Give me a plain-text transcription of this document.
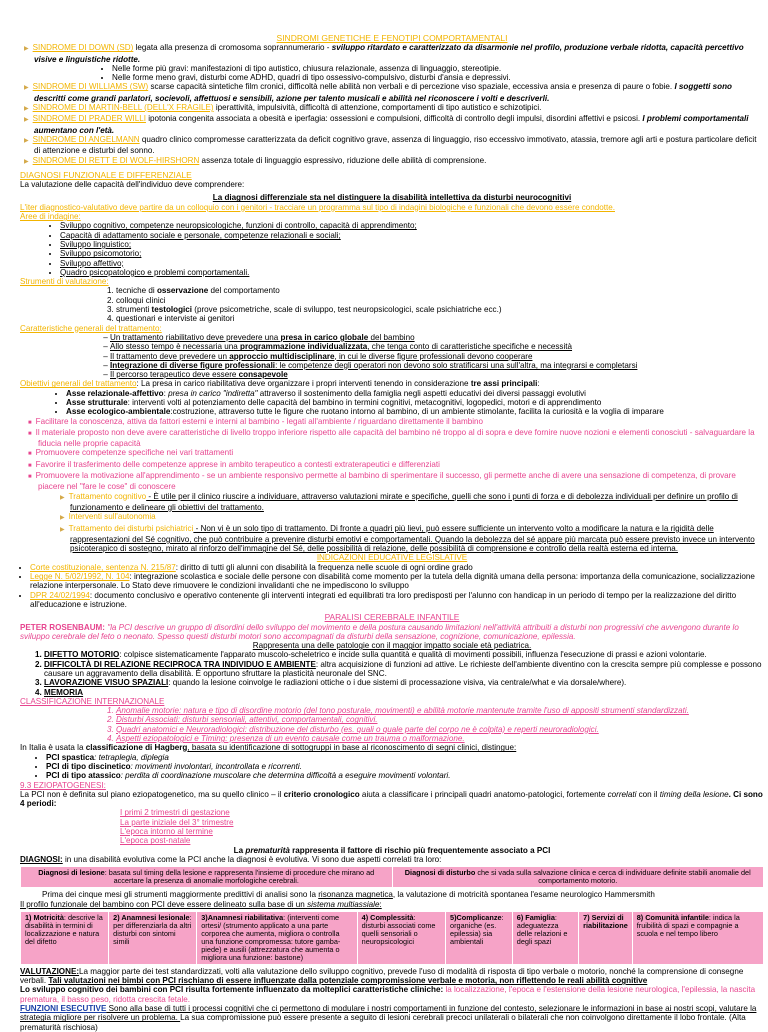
SINDROMI GENETICHE E FENOTIPI COMPORTAMENTALI
▶ SINDROME DI DOWN (SD) legata alla presenza di cromosoma soprannumerario - sviluppo ritardato e caratterizzato da disarmonie nel profilo, produzione verbale ridotta, capacità percettivo visive e linguistiche ridotte.
• Nelle forme più gravi: manifestazioni di tipo autistico, chiusura relazionale, assenza di linguaggio, stereotipie.
• Nelle forme meno gravi, disturbi come ADHD, quadri di tipo ossessivo-compulsivo, disturbi d'ansia e depressivi.
▶ SINDROME DI WILLIAMS (SW) scarse capacità sintetiche film cronici, difficoltà nelle abilità non verbali e di percezione viso spaziale, eccessiva ansia e presenza di paure o fobie. I soggetti sono descritti come grandi parlatori, socievoli, affettuosi e sensibili, azione per talento musicali e abilità nel riconoscere i volti e descriverli.
▶ SINDROME DI MARTIN-BELL (DELL'X FRAGILE) iperattività, impulsività, difficoltà di attenzione, comportamenti di tipo autistico e schizotipici.
▶ SINDROME DI PRADER WILLI ipotonia congenita associata a obesità e iperfagia: ossessioni e compulsioni, difficoltà di controllo degli impulsi, disordini affettivi e psicosi. I problemi comportamentali aumentano con l'età.
▶ SINDROME DI ANGELMANN quadro clinico compromesse caratterizzata da deficit cognitivo grave, assenza di linguaggio, riso eccessivo immotivato, atassia, tremore agli arti e postura particolare deficit di attenzione e disturbi del sonno.
▶ SINDROME DI RETT E DI WOLF-HIRSHORN assenza totale di linguaggio espressivo, riduzione delle abilità di comprensione.
DIAGNOSI FUNZIONALE E DIFFERENZIALE
La valutazione delle capacità dell'individuo deve comprendere:
La diagnosi differenziale sta nel distinguere la disabilità intellettiva da disturbi neurocognitivi
L'iter diagnostico-valutativo deve partire da un colloquio con i genitori - tracciare un programma sul tipo di indagini biologiche e funzionali che devono essere condotte.
Aree di indagine:
• Sviluppo cognitivo, competenze neuropsicologiche, funzioni di controllo, capacità di apprendimento;
• Capacità di adattamento sociale e personale, competenze relazionali e sociali;
• Sviluppo linguistico;
• Sviluppo psicomotorio;
• Sviluppo affettivo;
• Quadro psicopatologico e problemi comportamentali.
Strumenti di valutazione:
1. tecniche di osservazione del comportamento
2. colloqui clinici
3. strumenti testologici (prove psicometriche, scale di sviluppo, test neuropsicologici, scale psichiatriche ecc.)
4. questionari e interviste ai genitori
Caratteristiche generali del trattamento:
– Un trattamento riabilitativo deve prevedere una presa in carico globale del bambino
– Allo stesso tempo è necessaria una programmazione individualizzata, che tenga conto di caratteristiche specifiche e necessità
– Il trattamento deve prevedere un approccio multidisciplinare, in cui le diverse figure professionali devono cooperare
– Integrazione di diverse figure professionali: le competenze degli operatori non devono solo stratificarsi una sull'altra, ma integrarsi e completarsi
– Il percorso terapeutico deve essere consapevole
Obiettivi generali del trattamento: La presa in carico riabilitativa deve organizzare i propri interventi tenendo in considerazione tre assi principali:
• Asse relazionale-affettivo: presa in carico "indiretta" attraverso il sostenimento della famiglia negli aspetti educativi dei diversi passaggi evolutivi
• Asse strutturale: interventi volti al potenziamento delle capacità del bambino in termini cognitivi, metacognitivi, logopedici, motori e di apprendimento
• Asse ecologico-ambientale:costruzione, attraverso tutte le figure che ruotano intorno al bambino, di un ambiente stimolante, facilita la curiosità e la voglia di imparare
■ Facilitare la conoscenza, attiva da fattori esterni e interni al bambino - legati all'ambiente / riguardano direttamente il bambino
■ Il materiale proposto non deve avere caratteristiche di livello troppo inferiore rispetto alle capacità del bambino né troppo al di sopra e deve fornire nuove nozioni e elementi conosciuti - salvaguardare la fiducia nelle proprie capacità
■ Promuovere competenze specifiche nei vari trattamenti
■ Favorire il trasferimento delle competenze apprese in ambito terapeutico a contesti extraterapeutici e differenziati
■ Promuovere la motivazione all'apprendimento - se un ambiente responsivo permette al bambino di sperimentare il successo, gli permette anche di avere una sensazione di competenza, di provare piacere nel "fare le cose" di conoscere
▶ Trattamento cognitivo - È utile per il clinico riuscire a individuare, attraverso valutazioni mirate e specifiche, quelli che sono i punti di forza e di debolezza individuali per definire un profilo di funzionamento e delineare gli obiettivi del trattamento.
▶ Interventi sull'autonomia
▶ Trattamento dei disturbi psichiatrici - Non vi è un solo tipo di trattamento. Di fronte a quadri più lievi, può essere sufficiente un intervento volto a modificare la natura e la rigidità delle rappresentazioni del Sé cognitivo, che può contribuire a prevenire disturbi emotivi e comportamentali. Quando la debolezza del sé appare più marcata può essere previsto invece un intervento psicoterapico di sostegno, mirato al rinforzo dell'immagine del Sé, delle possibilità di relazione, delle possibilità di comprensione e controllo della realtà esterna ed interna.
INDICAZIONI EDUCATIVE LEGISLATIVE
• Corte costituzionale, sentenza N. 215/87: diritto di tutti gli alunni con disabilità la frequenza nelle scuole di ogni ordine grado
• Legge N. 5/02/1992, N. 104: integrazione scolastica e sociale delle persone con disabilità come momento per la tutela della dignità umana della persona: importanza della comunicazione, socializzazione relazione interpersonale. Lo Stato deve rimuovere le condizioni invalidanti che ne impediscono lo sviluppo
• DPR 24/02/1994: documento conclusivo e operativo contenente gli interventi integrati ed equilibrati tra loro predisposti per l'alunno con handicap in un periodo di tempo per la realizzazione del diritto all'educazione e istruzione.
PARALISI CEREBRALE INFANTILE
PETER ROSENBAUM: "la PCI descrive un gruppo di disordini dello sviluppo del movimento e della postura causando limitazioni nell'attività attribuiti a disturbi non progressivi che avvengono durante lo sviluppo cerebrale del feto o neonato. Spesso questi disturbi motori sono accompagnati da disturbi della sensazione, cognizione, comunicazione, epilessia.
Rappresenta una delle patologie con il maggior impatto sociale età pediatrica.
1. DIFETTO MOTORIO: colpisce sistematicamente l'apparato muscolo-scheletrico e incide sulla quantità e qualità di movimenti possibili, influenza l'esecuzione di prassi e azioni volontarie.
2. DIFFICOLTÀ DI RELAZIONE RECIPROCA TRA INDIVIDUO E AMBIENTE: altra acquisizione di funzioni ad attive. Le richieste dell'ambiente diventino con la crescita sempre più complesse e possono causare un aggravamento della disabilità. È opportuno sfruttare la plasticità neuronale del SNC.
3. LAVORAZIONE VISUO SPAZIALI: quando la lesione coinvolge le radiazioni ottiche o i due sistemi di processazione visiva, via centrale/what e via dorsale/where).
4. MEMORIA
CLASSIFICAZIONE INTERNAZIONALE
1. Anomalie motorie: natura e tipo di disordine motorio (del tono posturale, movimenti) e abilità motorie mantenute tramite l'uso di appositi strumenti standardizzati.
2. Disturbi Associati: disturbi sensoriali, attentivi, comportamentali, cognitivi.
3. Quadri anatomici e Neuroradiologici: distribuzione del disturbo (es. quali o quale parte del corpo ne è colpita) e reperti neuroradiologici.
4. Aspetti eziopatologici e Timing: presenza di un evento causale come un trauma o malformazione.
In Italia è usata la classificazione di Hagberg, basata su identificazione di sottogruppi in base al riconoscimento di segni clinici, distingue:
• PCI spastica: tetraplegia, diplegia
• PCI di tipo discinetico: movimenti involontari, incontrollata e ricorrenti.
• PCI di tipo atassico: perdita di coordinazione muscolare che determina difficoltà a eseguire movimenti volontari.
9.3 EZIOPATOGENESI:
La PCI non è definita sul piano eziopatogenetico, ma su quello clinico – il criterio cronologico aiuta a classificare i principali quadri anatomo-patologici, fortemente correlati con il timing della lesione. Ci sono 4 periodi:
I primi 2 trimestri di gestazione
La parte iniziale del 3° trimestre
L'epoca intorno al termine
L'epoca post-natale
La prematurità rappresenta il fattore di rischio più frequentemente associato a PCI
DIAGNOSI: in una disabilità evolutiva come la PCI anche la diagnosi è evolutiva. Vi sono due aspetti correlati tra loro:
Diagnosi di lesione: basata sul timing della lesione e rappresenta l'insieme di procedure che mirano ad accertare la presenza di anomalie morfologiche cerebrali.	Diagnosi di disturbo che si vada sulla salvazione clinica e cerca di individuare definite stabili anomalie del comportamento motorio.
Prima dei cinque mesi gli strumenti maggiormente predittivi di analisi sono la risonanza magnetica, la valutazione di motricità spontanea l'esame neurologico Hammersmith
Il profilo funzionale del bambino con PCI deve essere delineato sulla base di un sistema multiassiale:
1) Motricità: descrive la disabilità in termini di localizzazione e natura del difetto	2) Anamnesi lesionale: per differenziarla da altri disturbi con sintomi simili	3)Anamnesi riabilitativa: (interventi come ortesi/ (strumento applicato a una parte corporea che aumenta, migliora o controlla una funzione compromessa: tutore gamba-piede) e ausili (attrezzatura che aumenta o migliora una funzione: bastone)	4) Complessità: disturbi associati come quelli sensoriali o neuropsicologici	5)Complicanze: organiche (es. epilessia) sia ambientali	6) Famiglia: adeguatezza delle relazioni e degli spazi	7) Servizi di riabilitazione	8) Comunità infantile: indica la fruibilità di spazi e compagnie a scuola e nel tempo libero
VALUTAZIONE:La maggior parte dei test standardizzati, volti alla valutazione dello sviluppo cognitivo, prevede l'uso di modalità di risposta di tipo verbale o motorio, nonché la comprensione di consegne verbali. Tali valutazioni nei bimbi con PCI rischiano di essere influenzate dalla potenziale compromissione verbale e motoria, non riflettendo le reali abilità cognitive
Lo sviluppo cognitivo dei bambini con PCI risulta fortemente influenzato da molteplici caratteristiche cliniche: la localizzazione, l'epoca e l'estensione della lesione neurologica, l'epilessia, la nascita prematura, il basso peso, ridotta crescita fetale.
FUNZIONI ESECUTIVE Sono alla base di tutti i processi cognitivi che ci permettono di modulare i nostri comportamenti in funzione del contesto, selezionare le informazioni in base ai nostri scopi, valutare la strategia migliore per risolvere un problema. La sua compromissione può essere presente a seguito di lesioni cerebrali precoci unilaterali o bilaterali che non coinvolgono direttamente il lobo frontale. (Alta prematurità rischiosa)
